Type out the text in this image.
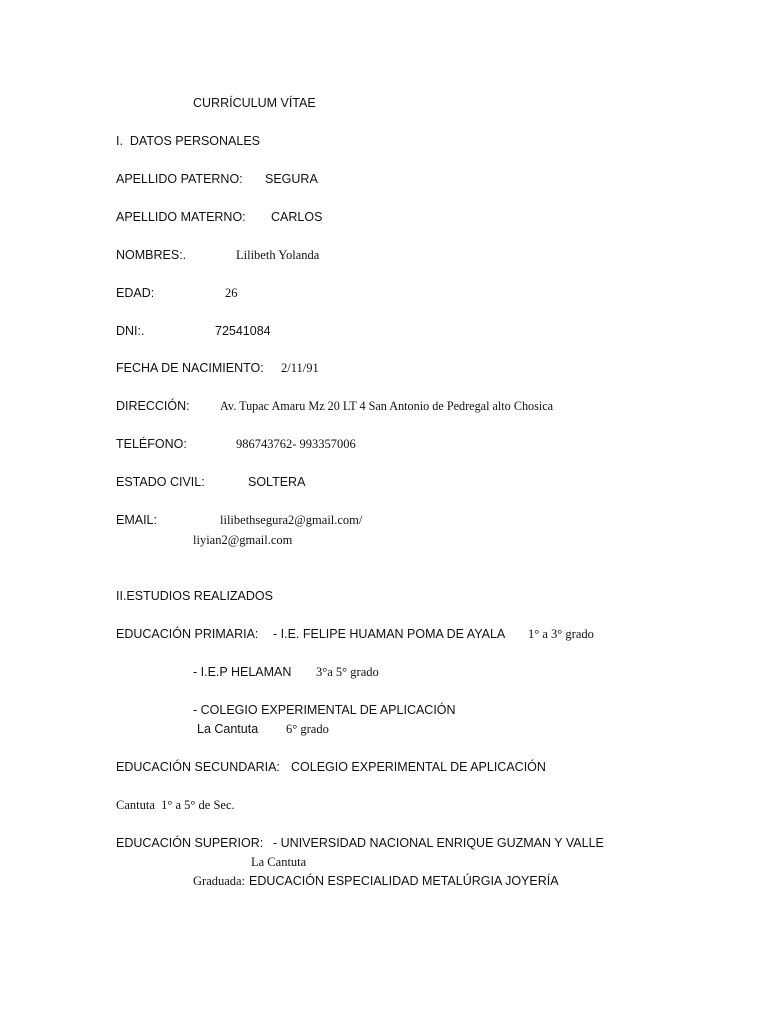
CURRÍCULUM VÍTAE
I.  DATOS PERSONALES
APELLIDO PATERNO: SEGURA
APELLIDO MATERNO: CARLOS
NOMBRES:.	Lilibeth Yolanda
EDAD:	26
DNI:.	72541084
FECHA DE NACIMIENTO: 2/11/91
DIRECCIÓN: Av. Tupac Amaru Mz 20 LT 4 San Antonio de Pedregal alto Chosica
TELÉFONO:	986743762- 993357006
ESTADO CIVIL:	SOLTERA
EMAIL:	lilibethsegura2@gmail.com/
liyian2@gmail.com
II.ESTUDIOS REALIZADOS
EDUCACIÓN PRIMARIA: - I.E. FELIPE HUAMAN POMA DE AYALA 1° a 3° grado
- I.E.P HELAMAN 3°a 5° grado
- COLEGIO EXPERIMENTAL DE APLICACIÓN
La Cantuta 6° grado
EDUCACIÓN SECUNDARIA: COLEGIO EXPERIMENTAL DE APLICACIÓN
Cantuta  1° a 5° de Sec.
EDUCACIÓN SUPERIOR: - UNIVERSIDAD NACIONAL ENRIQUE GUZMAN Y VALLE
La Cantuta
Graduada: EDUCACIÓN ESPECIALIDAD METALÚRGIA JOYERÍA
